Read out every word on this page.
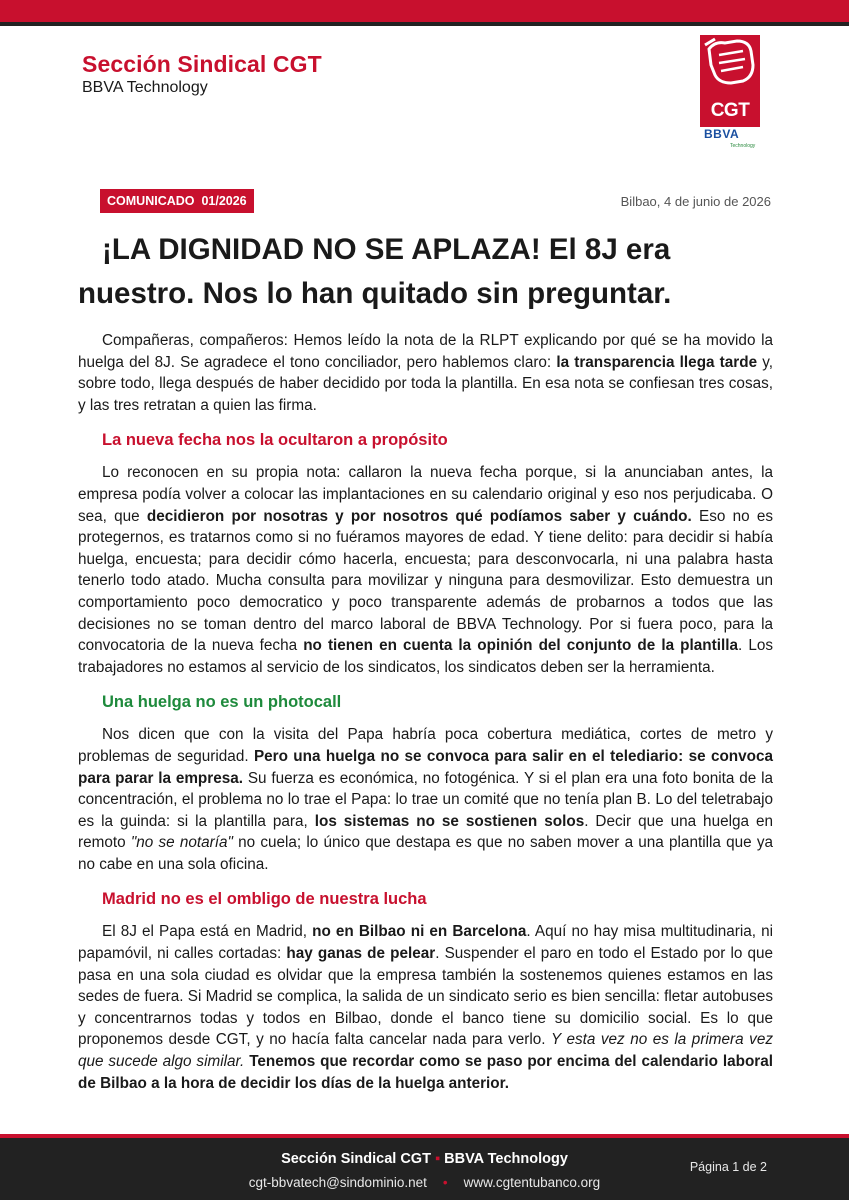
Sección Sindical CGT
BBVA Technology
CGT
BBVA
Technology
COMUNICADO  01/2026	Bilbao, 4 de junio de 2026
¡LA DIGNIDAD NO SE APLAZA! El 8J era nuestro. Nos lo han quitado sin preguntar.

Compañeras, compañeros: Hemos leído la nota de la RLPT explicando por qué se ha movido la huelga del 8J. Se agradece el tono conciliador, pero hablemos claro: la transparencia llega tarde y, sobre todo, llega después de haber decidido por toda la plantilla. En esa nota se confiesan tres cosas, y las tres retratan a quien las firma.

La nueva fecha nos la ocultaron a propósito

Lo reconocen en su propia nota: callaron la nueva fecha porque, si la anunciaban antes, la empresa podía volver a colocar las implantaciones en su calendario original y eso nos perjudicaba. O sea, que decidieron por nosotras y por nosotros qué podíamos saber y cuándo. Eso no es protegernos, es tratarnos como si no fuéramos mayores de edad. Y tiene delito: para decidir si había huelga, encuesta; para decidir cómo hacerla, encuesta; para desconvocarla, ni una palabra hasta tenerlo todo atado. Mucha consulta para movilizar y ninguna para desmovilizar. Esto demuestra un comportamiento poco democratico y poco transparente además de probarnos a todos que las decisiones no se toman dentro del marco laboral de BBVA Technology. Por si fuera poco, para la convocatoria de la nueva fecha no tienen en cuenta la opinión del conjunto de la plantilla. Los trabajadores no estamos al servicio de los sindicatos, los sindicatos deben ser la herramienta.

Una huelga no es un photocall

Nos dicen que con la visita del Papa habría poca cobertura mediática, cortes de metro y problemas de seguridad. Pero una huelga no se convoca para salir en el telediario: se convoca para parar la empresa. Su fuerza es económica, no fotogénica. Y si el plan era una foto bonita de la concentración, el problema no lo trae el Papa: lo trae un comité que no tenía plan B. Lo del teletrabajo es la guinda: si la plantilla para, los sistemas no se sostienen solos. Decir que una huelga en remoto "no se notaría" no cuela; lo único que destapa es que no saben mover a una plantilla que ya no cabe en una sola oficina.

Madrid no es el ombligo de nuestra lucha

El 8J el Papa está en Madrid, no en Bilbao ni en Barcelona. Aquí no hay misa multitudinaria, ni papamóvil, ni calles cortadas: hay ganas de pelear. Suspender el paro en todo el Estado por lo que pasa en una sola ciudad es olvidar que la empresa también la sostenemos quienes estamos en las sedes de fuera. Si Madrid se complica, la salida de un sindicato serio es bien sencilla: fletar autobuses y concentrarnos todas y todos en Bilbao, donde el banco tiene su domicilio social. Es lo que proponemos desde CGT, y no hacía falta cancelar nada para verlo. Y esta vez no es la primera vez que sucede algo similar. Tenemos que recordar como se paso por encima del calendario laboral de Bilbao a la hora de decidir los días de la huelga anterior.

Sección Sindical CGT ▪ BBVA Technology
cgt-bbvatech@sindominio.net • www.cgtentubanco.org
Página 1 de 2
